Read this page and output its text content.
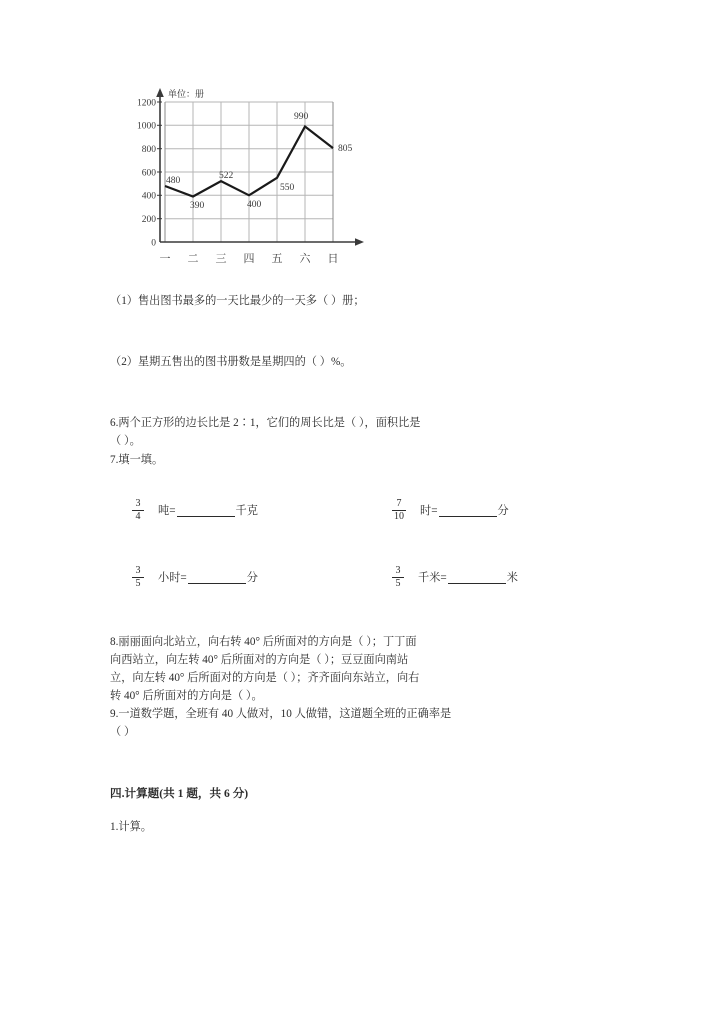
1200
1000
800
600
400
200
0
单位：册
480
390
522
400
550
990
805
一 二 三 四 五 六 日

（1）售出图书最多的一天比最少的一天多（ ）册；

（2）星期五售出的图书册数是星期四的（ ）%。

6.两个正方形的边长比是 2∶1，它们的周长比是（ ），面积比是

（ ）。

7.填一填。

$\frac{3}{4}$ 吨=	千克	$\frac{7}{10}$ 时=	分
$\frac{3}{5}$ 小时=	分	$\frac{3}{5}$ 千米=	米

8.丽丽面向北站立，向右转 40° 后所面对的方向是（ ）；丁丁面

向西站立，向左转 40° 后所面对的方向是（ ）；豆豆面向南站

立，向左转 40° 后所面对的方向是（ ）；齐齐面向东站立，向右

转 40° 后所面对的方向是（ ）。

9.一道数学题，全班有 40 人做对，10 人做错，这道题全班的正确率是

（ ）

四.计算题(共 1 题，共 6 分)

1.计算。
